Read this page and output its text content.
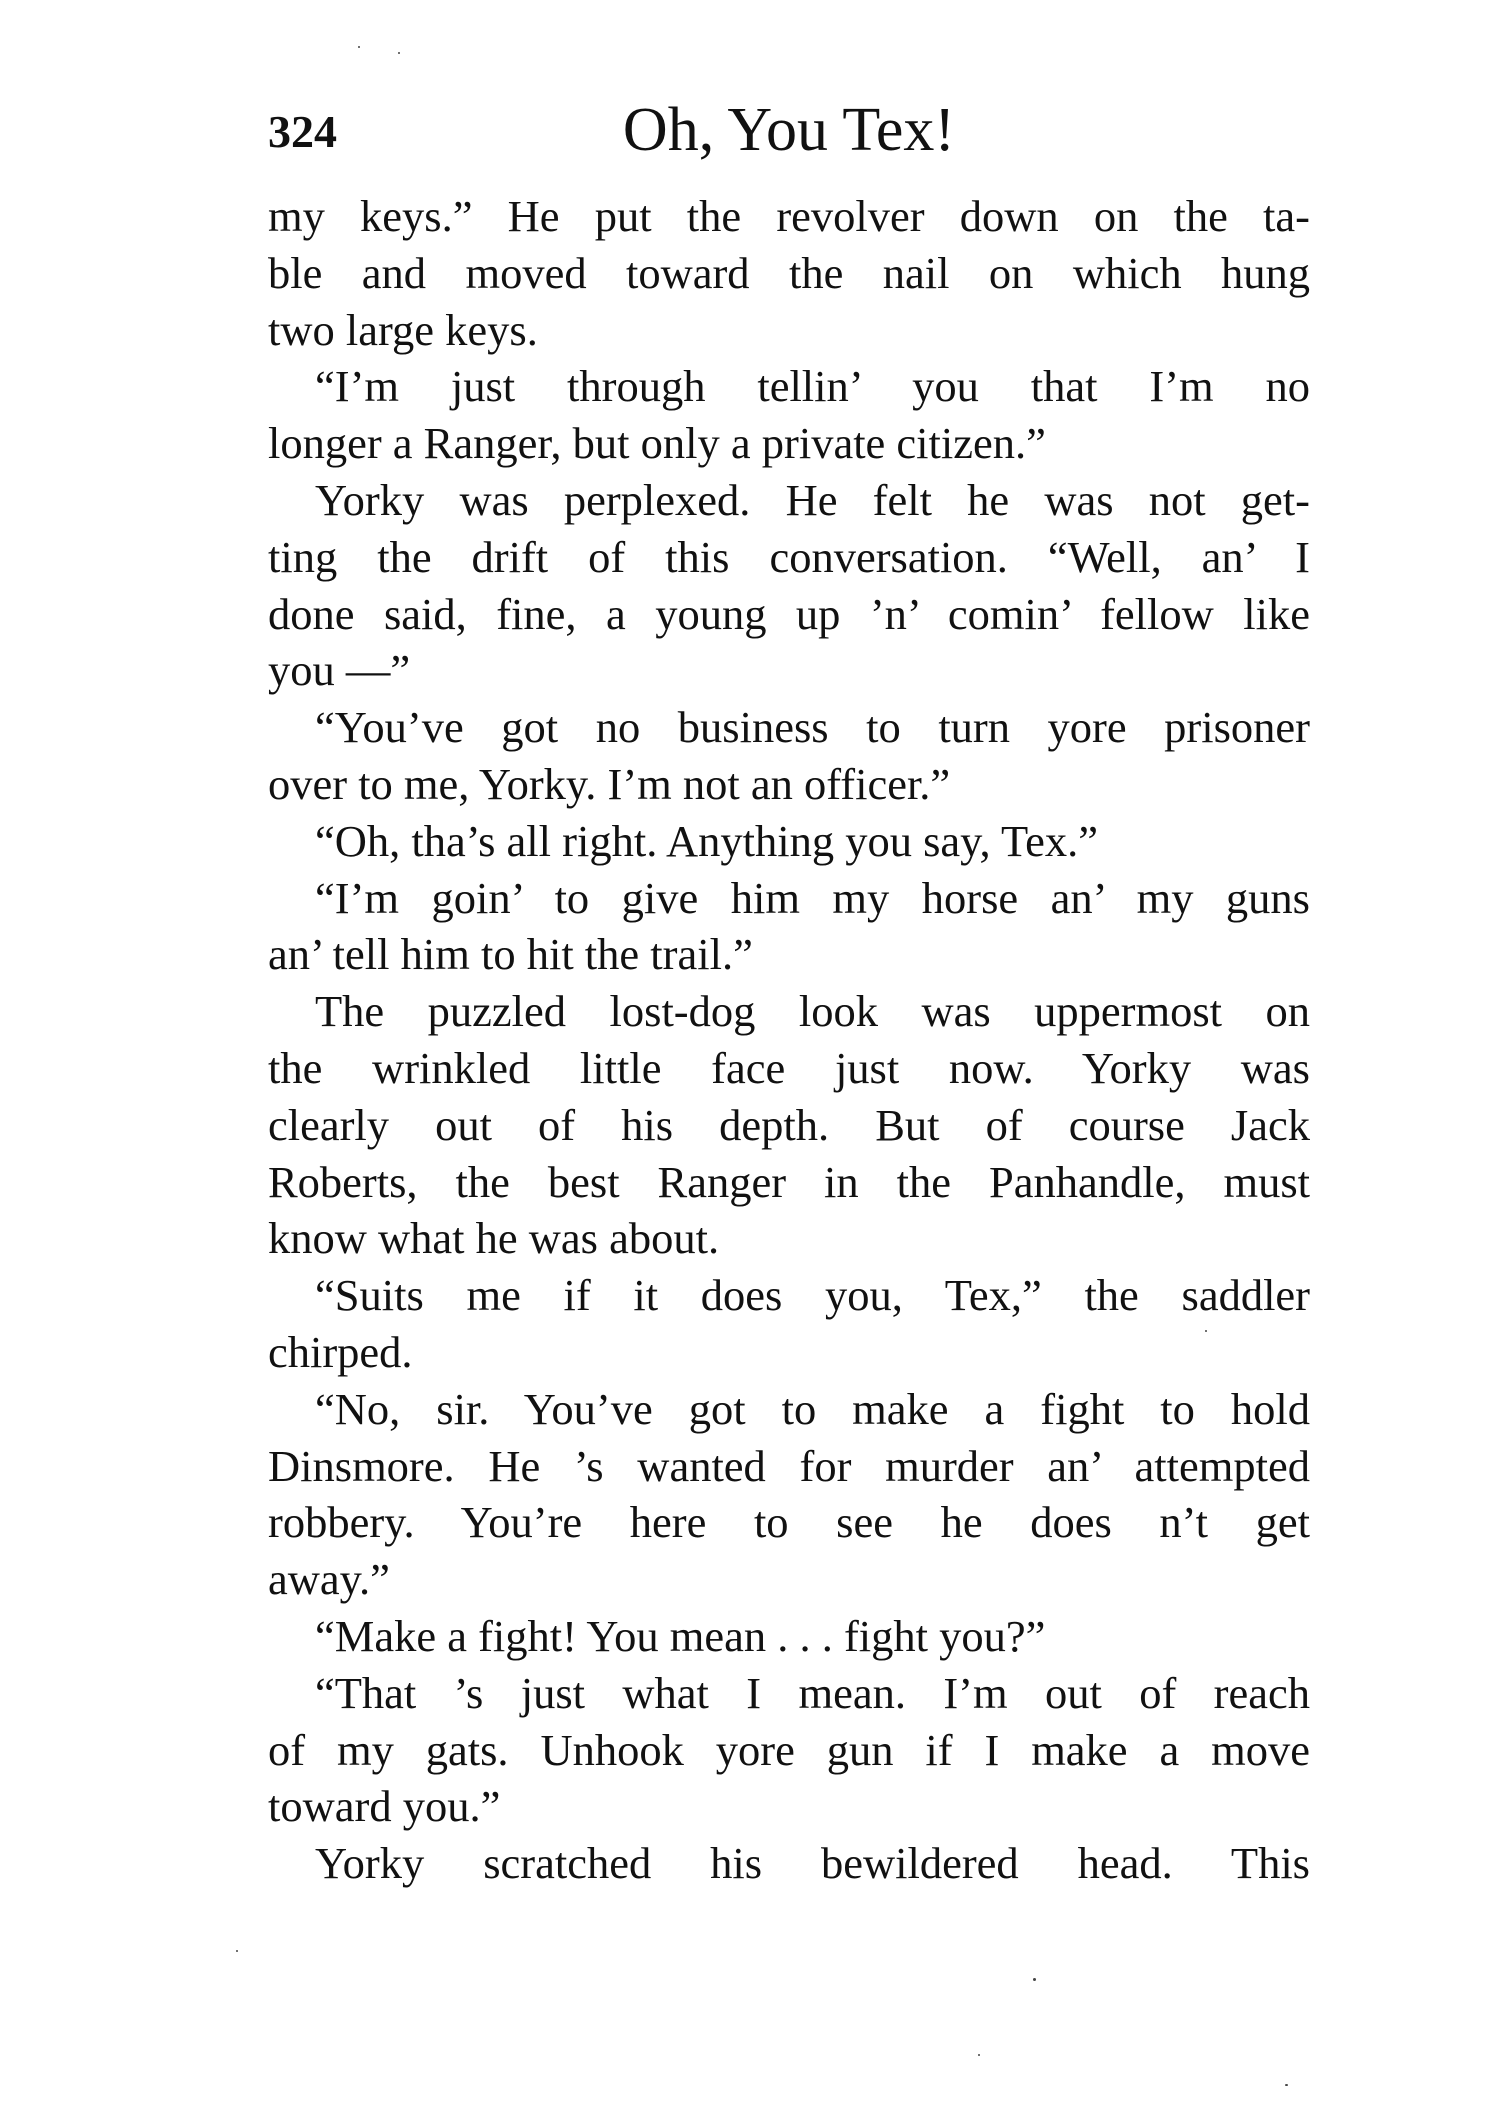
324	Oh, You Tex!
my keys.” He put the revolver down on the ta-
ble and moved toward the nail on which hung
two large keys.
“I’m just through tellin’ you that I’m no
longer a Ranger, but only a private citizen.”
Yorky was perplexed. He felt he was not get-
ting the drift of this conversation. “Well, an’ I
done said, fine, a young up ’n’ comin’ fellow like
you —”
“You’ve got no business to turn yore prisoner
over to me, Yorky. I’m not an officer.”
“Oh, tha’s all right. Anything you say, Tex.”
“I’m goin’ to give him my horse an’ my guns
an’ tell him to hit the trail.”
The puzzled lost-dog look was uppermost on
the wrinkled little face just now. Yorky was
clearly out of his depth. But of course Jack
Roberts, the best Ranger in the Panhandle, must
know what he was about.
“Suits me if it does you, Tex,” the saddler
chirped.
“No, sir. You’ve got to make a fight to hold
Dinsmore. He ’s wanted for murder an’ attempted
robbery. You’re here to see he does n’t get
away.”
“Make a fight! You mean . . . fight you?”
“That ’s just what I mean. I’m out of reach
of my gats. Unhook yore gun if I make a move
toward you.”
Yorky scratched his bewildered head. This
